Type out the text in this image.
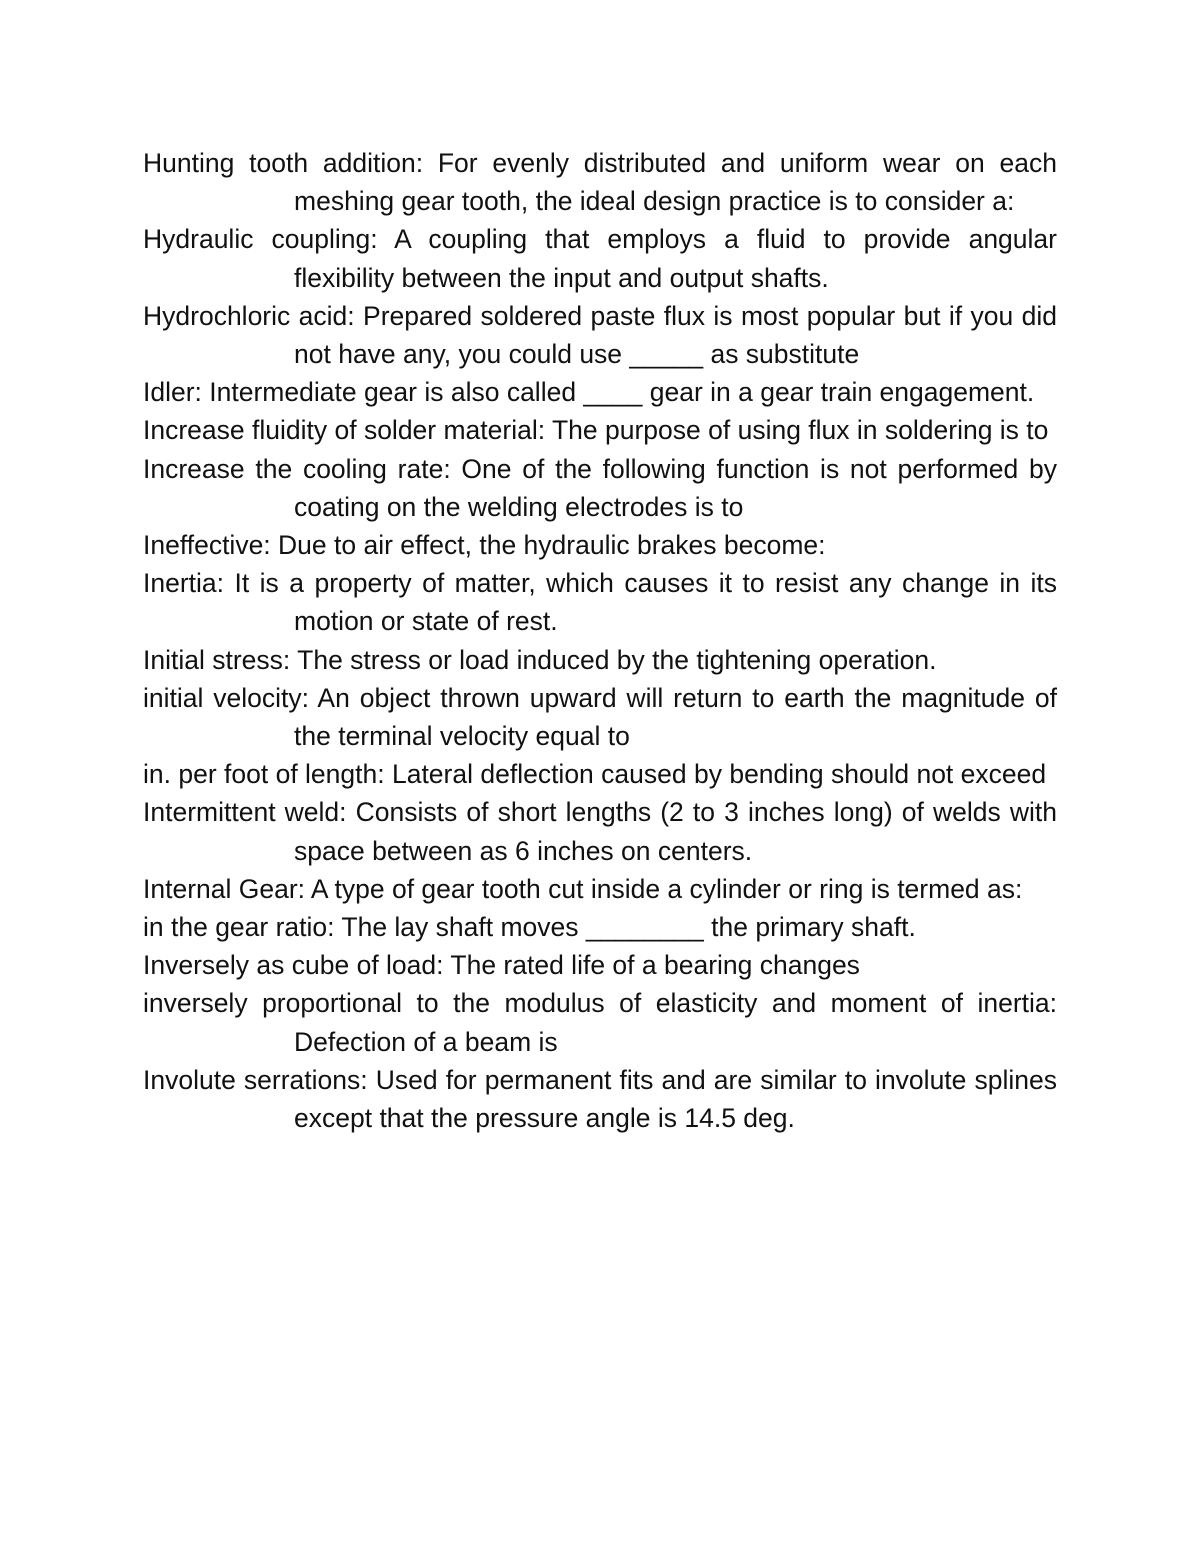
Hunting tooth addition: For evenly distributed and uniform wear on each meshing gear tooth, the ideal design practice is to consider a:

Hydraulic coupling: A coupling that employs a fluid to provide angular flexibility between the input and output shafts.

Hydrochloric acid: Prepared soldered paste flux is most popular but if you did not have any, you could use _____ as substitute

Idler: Intermediate gear is also called ____ gear in a gear train engagement.

Increase fluidity of solder material: The purpose of using flux in soldering is to

Increase the cooling rate: One of the following function is not performed by coating on the welding electrodes is to

Ineffective: Due to air effect, the hydraulic brakes become:

Inertia: It is a property of matter, which causes it to resist any change in its motion or state of rest.

Initial stress: The stress or load induced by the tightening operation.

initial velocity: An object thrown upward will return to earth the magnitude of the terminal velocity equal to

in. per foot of length: Lateral deflection caused by bending should not exceed

Intermittent weld: Consists of short lengths (2 to 3 inches long) of welds with space between as 6 inches on centers.

Internal Gear: A type of gear tooth cut inside a cylinder or ring is termed as:

in the gear ratio: The lay shaft moves ________ the primary shaft.

Inversely as cube of load: The rated life of a bearing changes

inversely proportional to the modulus of elasticity and moment of inertia: Defection of a beam is

Involute serrations: Used for permanent fits and are similar to involute splines except that the pressure angle is 14.5 deg.
